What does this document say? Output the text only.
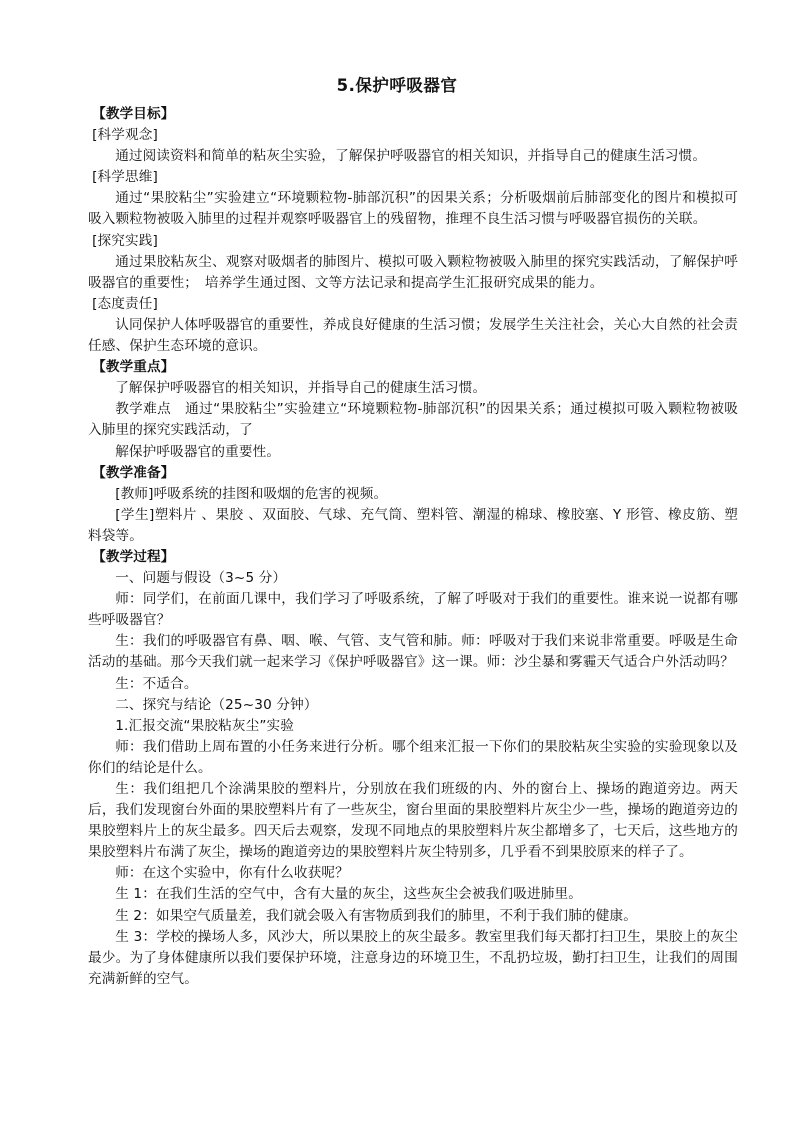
5.保护呼吸器官

【教学目标】

[科学观念]

通过阅读资料和简单的粘灰尘实验，了解保护呼吸器官的相关知识，并指导自己的健康生活习惯。

[科学思维]

通过“果胶粘尘”实验建立“环境颗粒物-肺部沉积”的因果关系；分析吸烟前后肺部变化的图片和模拟可吸入颗粒物被吸入肺里的过程并观察呼吸器官上的残留物，推理不良生活习惯与呼吸器官损伤的关联。

[探究实践]

通过果胶粘灰尘、观察对吸烟者的肺图片、模拟可吸入颗粒物被吸入肺里的探究实践活动，了解保护呼吸器官的重要性；　培养学生通过图、文等方法记录和提高学生汇报研究成果的能力。

[态度责任]

认同保护人体呼吸器官的重要性，养成良好健康的生活习惯；发展学生关注社会，关心大自然的社会责任感、保护生态环境的意识。

【教学重点】

了解保护呼吸器官的相关知识，并指导自己的健康生活习惯。

教学难点　通过“果胶粘尘”实验建立“环境颗粒物-肺部沉积”的因果关系；通过模拟可吸入颗粒物被吸入肺里的探究实践活动，了

解保护呼吸器官的重要性。

【教学准备】

[教师]呼吸系统的挂图和吸烟的危害的视频。

[学生]塑料片 、果胶 、双面胶、气球、充气筒、塑料管、潮湿的棉球、橡胶塞、Y 形管、橡皮筋、塑料袋等。

【教学过程】

一、问题与假设（3~5 分）

师：同学们，在前面几课中，我们学习了呼吸系统，了解了呼吸对于我们的重要性。谁来说一说都有哪些呼吸器官？

生：我们的呼吸器官有鼻、咽、喉、气管、支气管和肺。师：呼吸对于我们来说非常重要。呼吸是生命活动的基础。那今天我们就一起来学习《保护呼吸器官》这一课。师：沙尘暴和雾霾天气适合户外活动吗？

生：不适合。

二、探究与结论（25~30 分钟）

1.汇报交流“果胶粘灰尘”实验

师：我们借助上周布置的小任务来进行分析。哪个组来汇报一下你们的果胶粘灰尘实验的实验现象以及你们的结论是什么。

生：我们组把几个涂满果胶的塑料片，分别放在我们班级的内、外的窗台上、操场的跑道旁边。两天后，我们发现窗台外面的果胶塑料片有了一些灰尘，窗台里面的果胶塑料片灰尘少一些，操场的跑道旁边的果胶塑料片上的灰尘最多。四天后去观察，发现不同地点的果胶塑料片灰尘都增多了，七天后，这些地方的果胶塑料片布满了灰尘，操场的跑道旁边的果胶塑料片灰尘特别多，几乎看不到果胶原来的样子了。

师：在这个实验中，你有什么收获呢？

生 1：在我们生活的空气中，含有大量的灰尘，这些灰尘会被我们吸进肺里。

生 2：如果空气质量差，我们就会吸入有害物质到我们的肺里，不利于我们肺的健康。

生 3：学校的操场人多，风沙大，所以果胶上的灰尘最多。教室里我们每天都打扫卫生，果胶上的灰尘最少。为了身体健康所以我们要保护环境，注意身边的环境卫生，不乱扔垃圾，勤打扫卫生，让我们的周围充满新鲜的空气。
